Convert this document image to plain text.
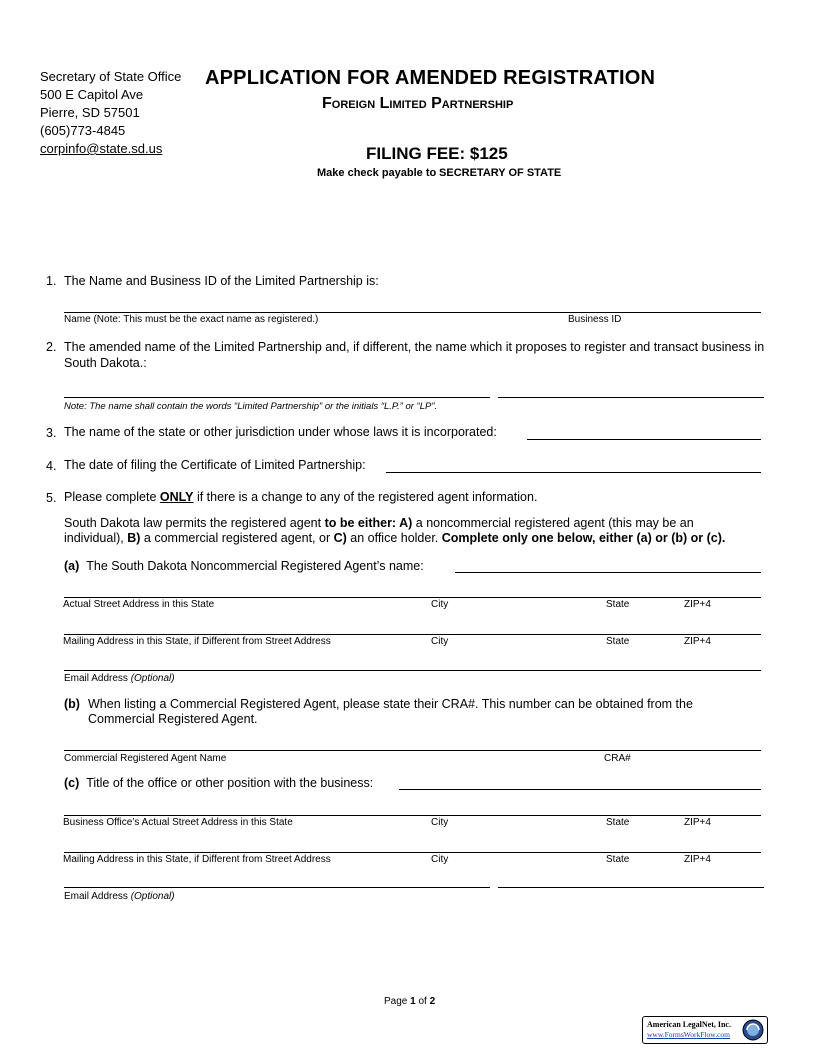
Secretary of State Office
500 E Capitol Ave
Pierre, SD 57501
(605)773-4845
corpinfo@state.sd.us
APPLICATION FOR AMENDED REGISTRATION
Foreign Limited Partnership
FILING FEE: $125
Make check payable to SECRETARY OF STATE
1. The Name and Business ID of the Limited Partnership is:
Name (Note: This must be the exact name as registered.)	Business ID
2. The amended name of the Limited Partnership and, if different, the name which it proposes to register and transact business in South Dakota.:
Note: The name shall contain the words “Limited Partnership” or the initials “L.P.” or “LP”.
3. The name of the state or other jurisdiction under whose laws it is incorporated:
4. The date of filing the Certificate of Limited Partnership:
5. Please complete ONLY if there is a change to any of the registered agent information.
South Dakota law permits the registered agent to be either: A) a noncommercial registered agent (this may be an
individual), B) a commercial registered agent, or C) an office holder. Complete only one below, either (a) or (b) or (c).
(a) The South Dakota Noncommercial Registered Agent’s name:
Actual Street Address in this State	City	State	ZIP+4
Mailing Address in this State, if Different from Street Address	City	State	ZIP+4
Email Address (Optional)
(b) When listing a Commercial Registered Agent, please state their CRA#. This number can be obtained from the
Commercial Registered Agent.
Commercial Registered Agent Name	CRA#
(c) Title of the office or other position with the business:
Business Office’s Actual Street Address in this State	City	State	ZIP+4
Mailing Address in this State, if Different from Street Address	City	State	ZIP+4
Email Address (Optional)
Page 1 of 2
American LegalNet, Inc.
www.FormsWorkFlow.com
